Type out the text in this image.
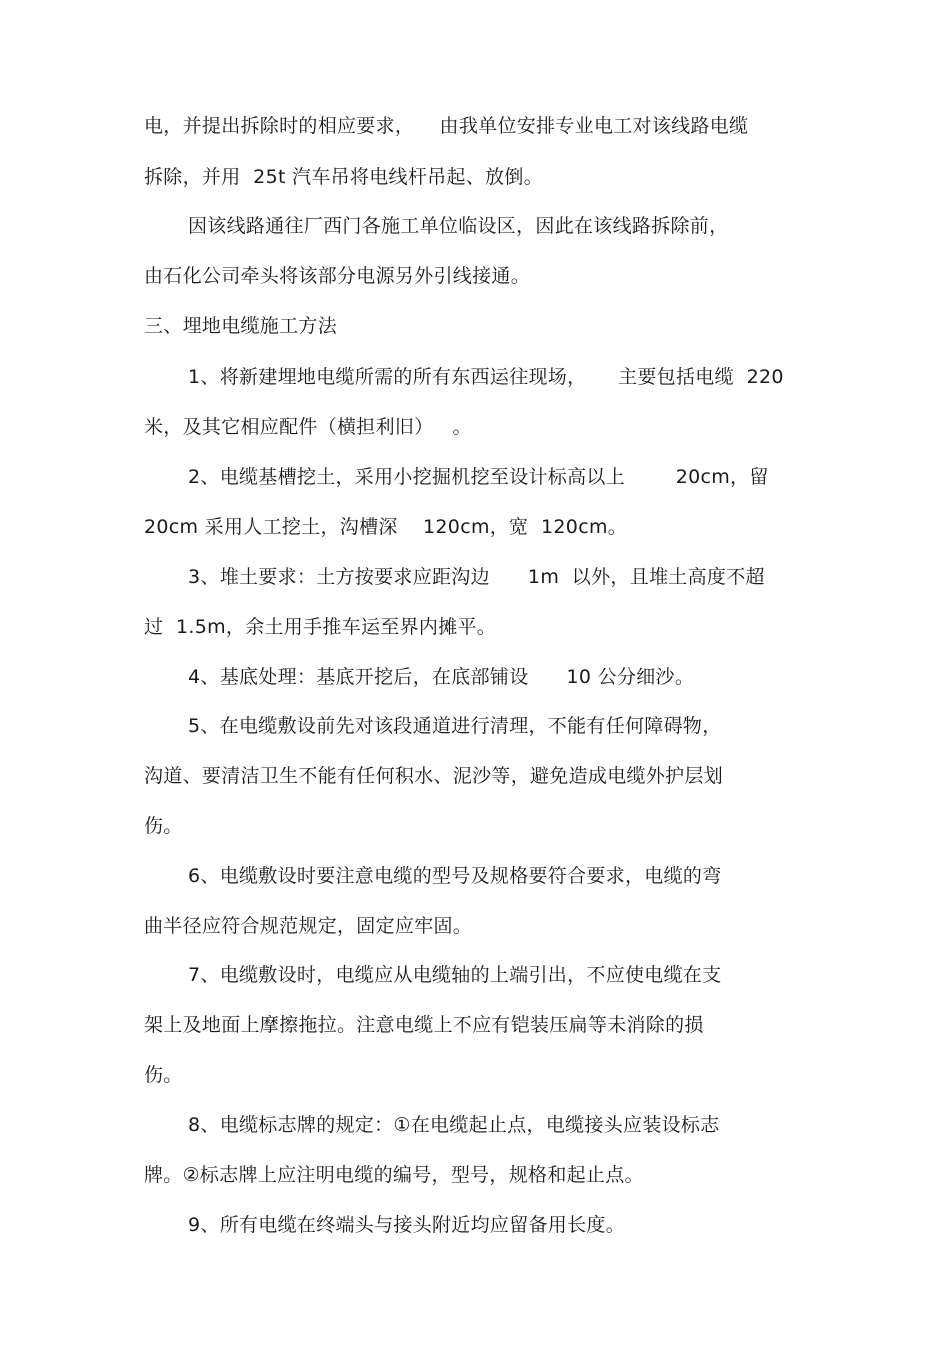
电，并提出拆除时的相应要求，    由我单位安排专业电工对该线路电缆
拆除，并用  25t 汽车吊将电线杆吊起、放倒。
因该线路通往厂西门各施工单位临设区，因此在该线路拆除前，
由石化公司牵头将该部分电源另外引线接通。
三、埋地电缆施工方法
1、将新建埋地电缆所需的所有东西运往现场，     主要包括电缆  220
米，及其它相应配件（横担利旧）   。
2、电缆基槽挖土，采用小挖掘机挖至设计标高以上        20cm，留
20cm 采用人工挖土，沟槽深    120cm，宽  120cm。
3、堆土要求：土方按要求应距沟边      1m  以外，且堆土高度不超
过  1.5m，余土用手推车运至界内摊平。
4、基底处理：基底开挖后，在底部铺设      10 公分细沙。
5、在电缆敷设前先对该段通道进行清理，不能有任何障碍物，
沟道、要清洁卫生不能有任何积水、泥沙等，避免造成电缆外护层划
伤。
6、电缆敷设时要注意电缆的型号及规格要符合要求，电缆的弯
曲半径应符合规范规定，固定应牢固。
7、电缆敷设时，电缆应从电缆轴的上端引出，不应使电缆在支
架上及地面上摩擦拖拉。注意电缆上不应有铠装压扁等未消除的损
伤。
8、电缆标志牌的规定：①在电缆起止点，电缆接头应装设标志
牌。②标志牌上应注明电缆的编号，型号，规格和起止点。
9、所有电缆在终端头与接头附近均应留备用长度。
